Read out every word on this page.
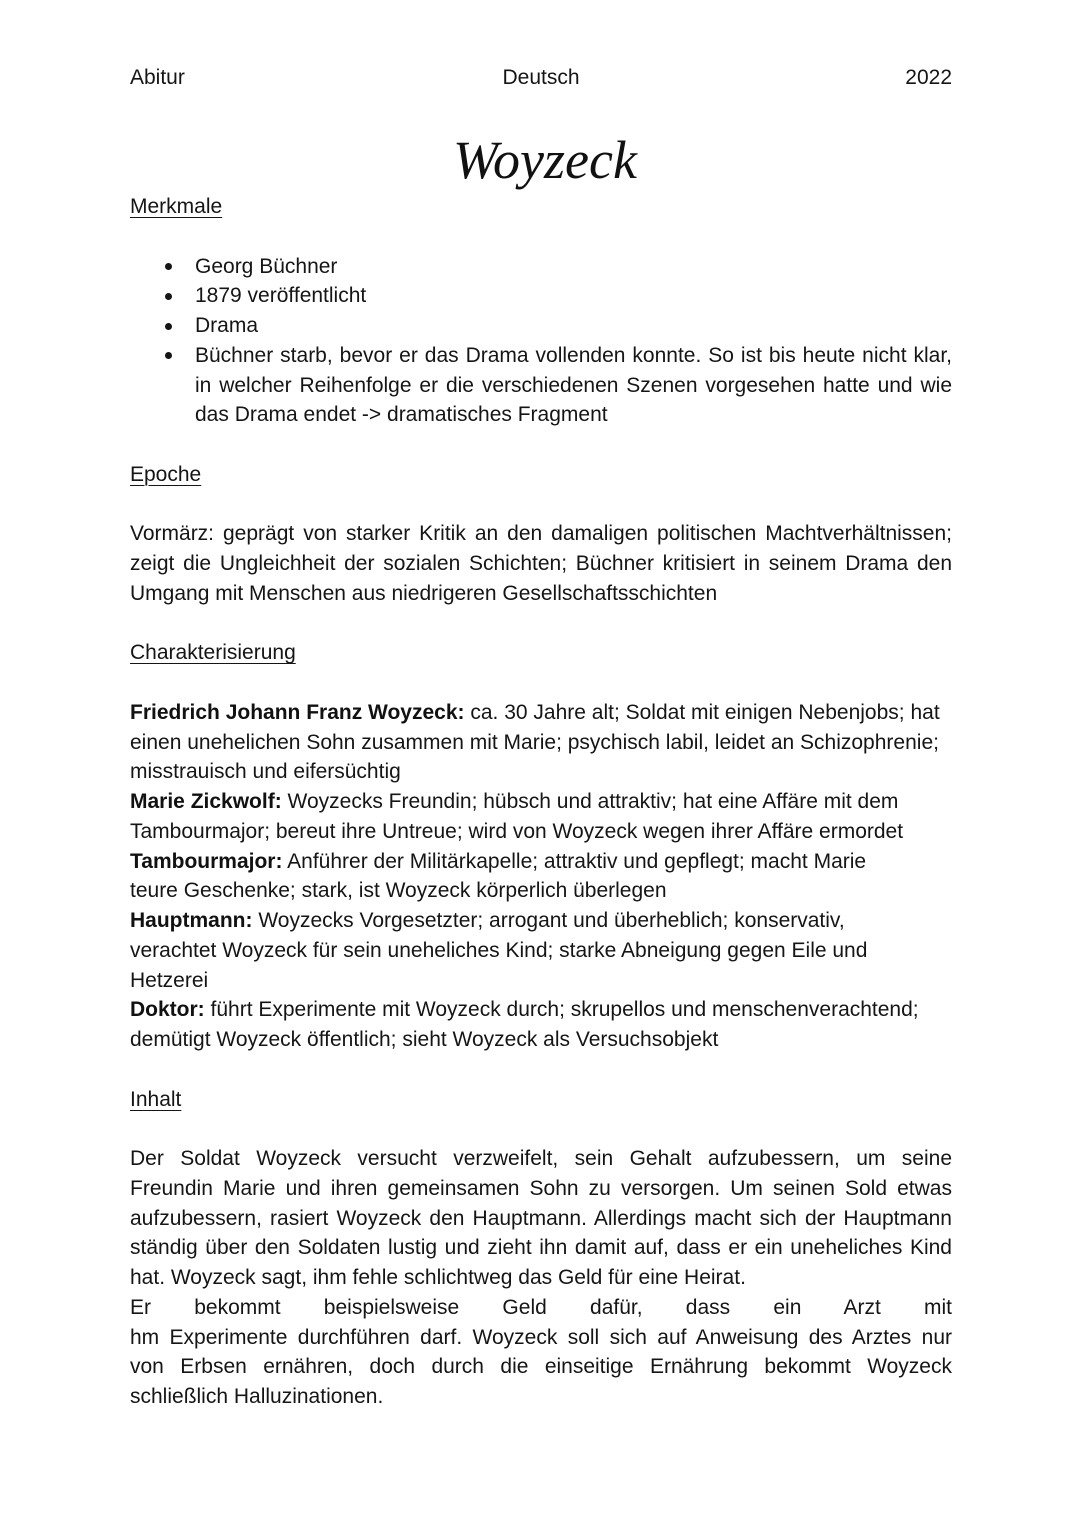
Abitur	Deutsch	2022
Woyzeck
Merkmale
Georg Büchner
1879 veröffentlicht
Drama
Büchner starb, bevor er das Drama vollenden konnte. So ist bis heute nicht klar,
in welcher Reihenfolge er die verschiedenen Szenen vorgesehen hatte und wie
das Drama endet -> dramatisches Fragment
Epoche
Vormärz: geprägt von starker Kritik an den damaligen politischen Machtverhältnissen;
zeigt die Ungleichheit der sozialen Schichten; Büchner kritisiert in seinem Drama den
Umgang mit Menschen aus niedrigeren Gesellschaftsschichten
Charakterisierung
Friedrich Johann Franz Woyzeck: ca. 30 Jahre alt; Soldat mit einigen Nebenjobs; hat
einen unehelichen Sohn zusammen mit Marie; psychisch labil, leidet an Schizophrenie;
misstrauisch und eifersüchtig
Marie Zickwolf: Woyzecks Freundin; hübsch und attraktiv; hat eine Affäre mit dem
Tambourmajor; bereut ihre Untreue; wird von Woyzeck wegen ihrer Affäre ermordet
Tambourmajor: Anführer der Militärkapelle; attraktiv und gepflegt; macht Marie
teure Geschenke; stark, ist Woyzeck körperlich überlegen
Hauptmann: Woyzecks Vorgesetzter; arrogant und überheblich; konservativ,
verachtet Woyzeck für sein uneheliches Kind; starke Abneigung gegen Eile und
Hetzerei
Doktor: führt Experimente mit Woyzeck durch; skrupellos und menschenverachtend;
demütigt Woyzeck öffentlich; sieht Woyzeck als Versuchsobjekt
Inhalt
Der Soldat Woyzeck versucht verzweifelt, sein Gehalt aufzubessern, um seine
Freundin Marie und ihren gemeinsamen Sohn zu versorgen. Um seinen Sold etwas
aufzubessern, rasiert Woyzeck den Hauptmann. Allerdings macht sich der Hauptmann
ständig über den Soldaten lustig und zieht ihn damit auf, dass er ein uneheliches Kind
hat. Woyzeck sagt, ihm fehle schlichtweg das Geld für eine Heirat.
Er bekommt beispielsweise Geld dafür, dass ein Arzt mit
hm Experimente durchführen darf. Woyzeck soll sich auf Anweisung des Arztes nur
von Erbsen ernähren, doch durch die einseitige Ernährung bekommt Woyzeck
schließlich Halluzinationen.
